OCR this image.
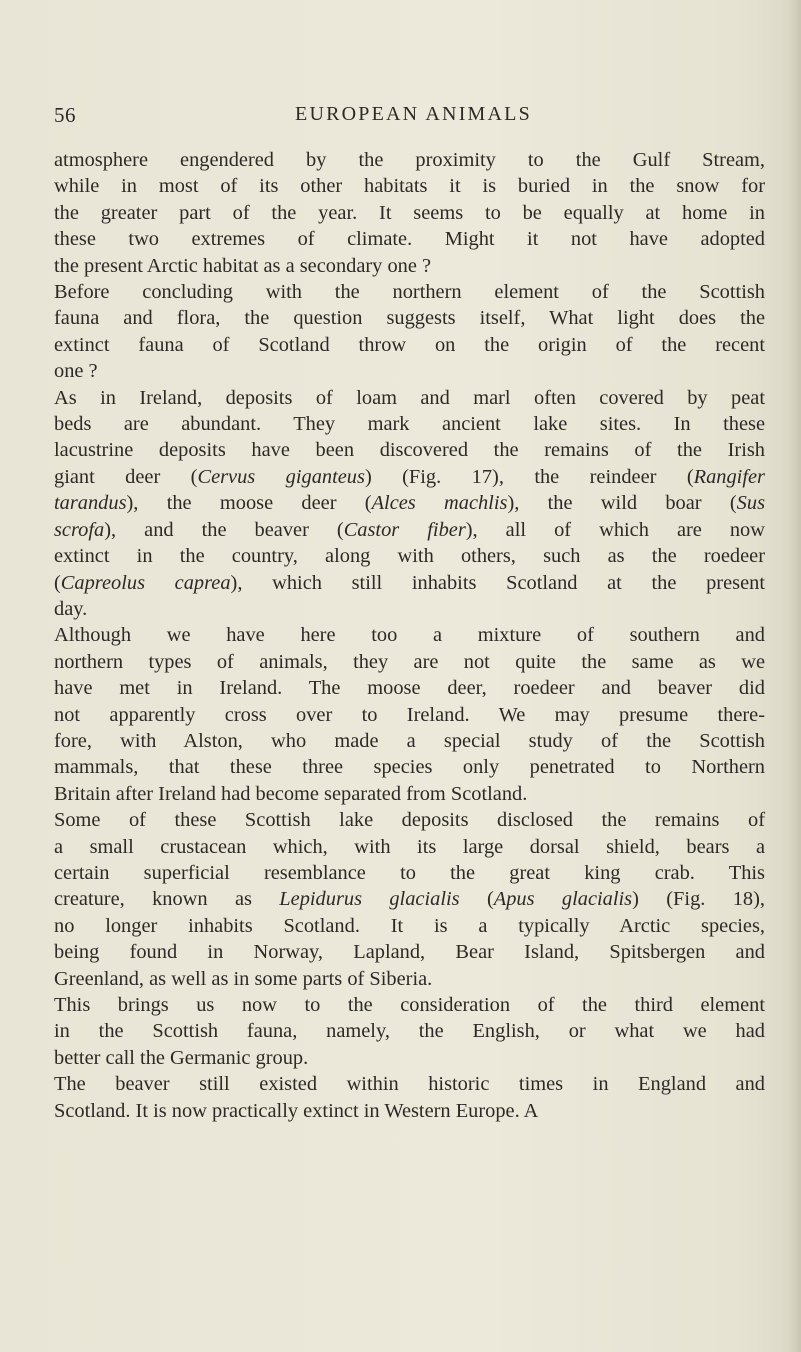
56	EUROPEAN ANIMALS

atmosphere engendered by the proximity to the Gulf Stream,
while in most of its other habitats it is buried in the snow for
the greater part of the year. It seems to be equally at home in
these two extremes of climate. Might it not have adopted
the present Arctic habitat as a secondary one ?

Before concluding with the northern element of the Scottish
fauna and flora, the question suggests itself, What light does the
extinct fauna of Scotland throw on the origin of the recent
one ?

As in Ireland, deposits of loam and marl often covered by peat
beds are abundant. They mark ancient lake sites. In these
lacustrine deposits have been discovered the remains of the Irish
giant deer (Cervus giganteus) (Fig. 17), the reindeer (Rangifer
tarandus), the moose deer (Alces machlis), the wild boar (Sus
scrofa), and the beaver (Castor fiber), all of which are now
extinct in the country, along with others, such as the roedeer
(Capreolus caprea), which still inhabits Scotland at the present
day.

Although we have here too a mixture of southern and
northern types of animals, they are not quite the same as we
have met in Ireland. The moose deer, roedeer and beaver did
not apparently cross over to Ireland. We may presume there-
fore, with Alston, who made a special study of the Scottish
mammals, that these three species only penetrated to Northern
Britain after Ireland had become separated from Scotland.

Some of these Scottish lake deposits disclosed the remains of
a small crustacean which, with its large dorsal shield, bears a
certain superficial resemblance to the great king crab. This
creature, known as Lepidurus glacialis (Apus glacialis) (Fig. 18),
no longer inhabits Scotland. It is a typically Arctic species,
being found in Norway, Lapland, Bear Island, Spitsbergen and
Greenland, as well as in some parts of Siberia.

This brings us now to the consideration of the third element
in the Scottish fauna, namely, the English, or what we had
better call the Germanic group.

The beaver still existed within historic times in England and
Scotland. It is now practically extinct in Western Europe. A
